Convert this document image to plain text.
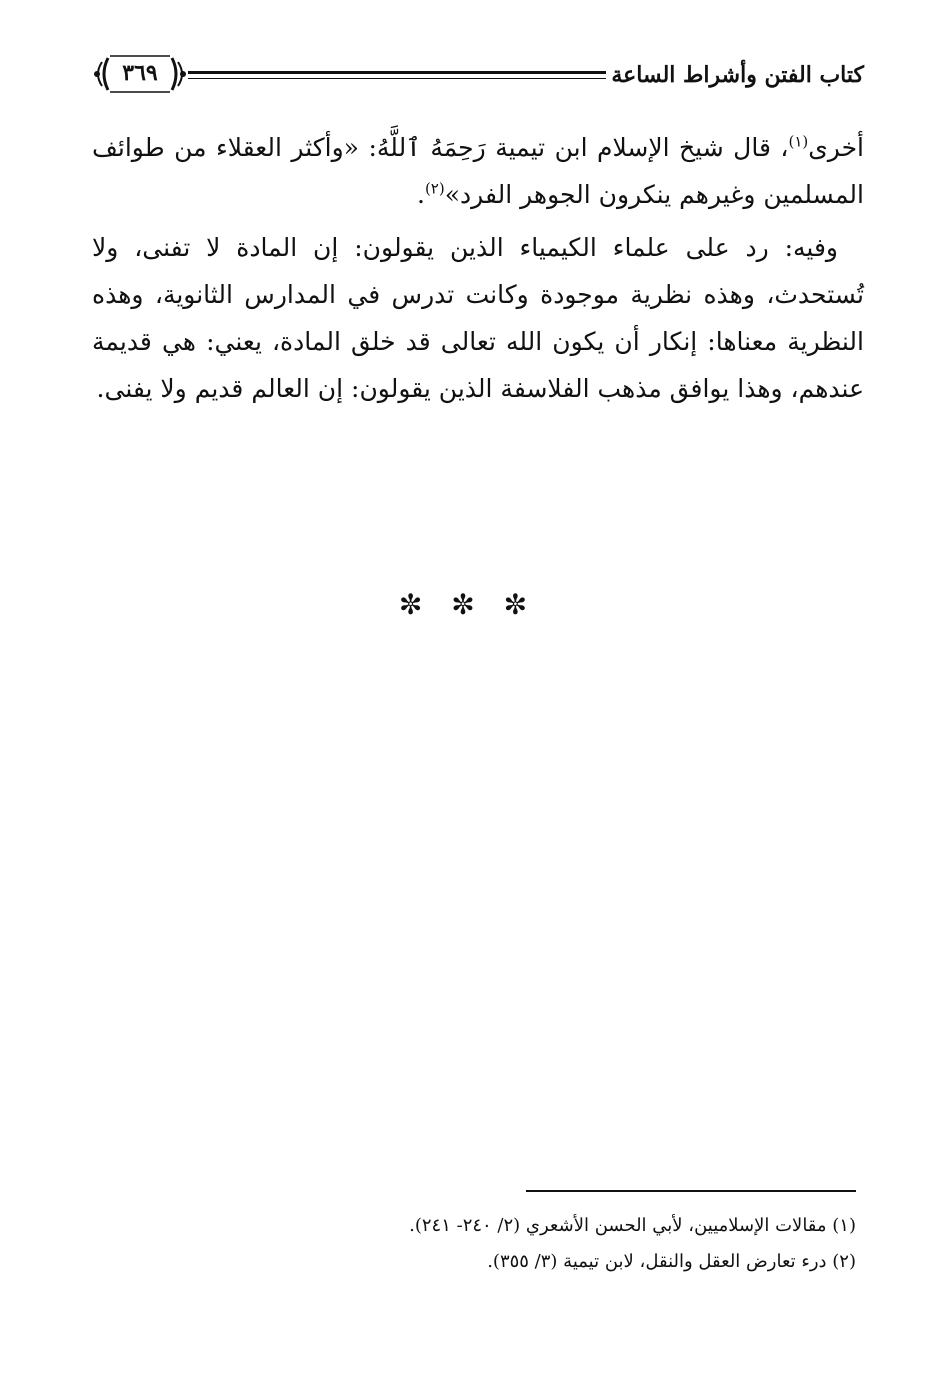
كتاب الفتن وأشراط الساعة
٣٦٩

أخرى$^{(١)}$، قال شيخ الإسلام ابن تيمية رَحِمَهُ ٱللَّهُ: «وأكثر العقلاء من طوائف المسلمين وغيرهم ينكرون الجوهر الفرد»$^{(٢)}$.

وفيه: رد على علماء الكيمياء الذين يقولون: إن المادة لا تفنى، ولا تُستحدث، وهذه نظرية موجودة وكانت تدرس في المدارس الثانوية، وهذه النظرية معناها: إنكار أن يكون الله تعالى قد خلق المادة، يعني: هي قديمة عندهم، وهذا يوافق مذهب الفلاسفة الذين يقولون: إن العالم قديم ولا يفنى.

✼ ✼ ✼

(١) مقالات الإسلاميين، لأبي الحسن الأشعري (٢/ ٢٤٠- ٢٤١).

(٢) درء تعارض العقل والنقل، لابن تيمية (٣/ ٣٥٥).
